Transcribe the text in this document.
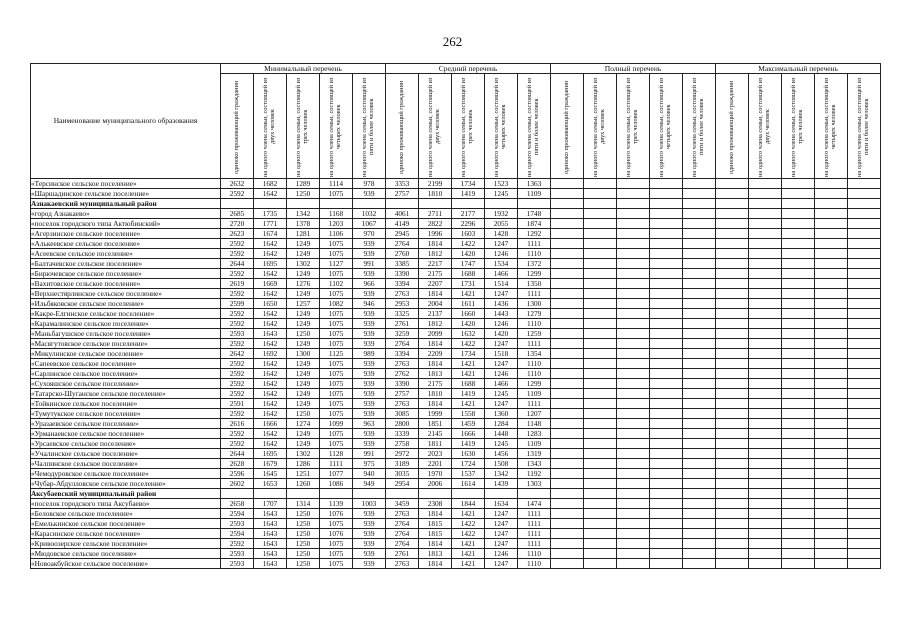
262
Наименование муниципального образования	Минимальный перечень					Средний перечень					Полный перечень					Максимальный перечень				

	одиноко проживающий гражданин	на одного члена семьи, состоящей из двух человек	на одного члена семьи, состоящей из трех человек	на одного члена семьи, состоящей из четырех человек	на одного члена семьи, состоящей из пяти и более человек	одиноко проживающий гражданин	на одного члена семьи, состоящей из двух человек	на одного члена семьи, состоящей из трех человек	на одного члена семьи, состоящей из четырех человек	на одного члена семьи, состоящей из пяти и более человек	одиноко проживающий гражданин	на одного члена семьи, состоящей из двух человек	на одного члена семьи, состоящей из трех человек	на одного члена семьи, состоящей из четырех человек	на одного члена семьи, состоящей из пяти и более человек	одиноко проживающий гражданин	на одного члена семьи, состоящей из двух человек	на одного члена семьи, состоящей из трех человек	на одного члена семьи, состоящей из четырех человек	на одного члена семьи, состоящей из пяти и более человек

«Терсинское сельское поселение»	2632	1682	1289	1114	978	3353	2199	1734	1523	1363										
«Шаршадинское сельское поселение»	2592	1642	1250	1075	939	2757	1810	1419	1245	1109										
Азнакаевский муниципальный район																				
«город Азнакаево»	2685	1735	1342	1168	1032	4061	2711	2177	1932	1748										
«поселок городского типа Актюбинский»	2720	1771	1378	1203	1067	4149	2822	2296	2055	1874										
«Агерзинское сельское поселение»	2623	1674	1281	1106	970	2945	1996	1603	1428	1292										
«Алькеевское сельское поселение»	2592	1642	1249	1075	939	2764	1814	1422	1247	1111										
«Асеевское сельское поселение»	2592	1642	1249	1075	939	2760	1812	1420	1246	1110										
«Балтачевское сельское поселение»	2644	1695	1302	1127	991	3385	2217	1747	1534	1372										
«Бирючевское сельское поселение»	2592	1642	1249	1075	939	3390	2175	1688	1466	1299										
«Вахитовское сельское поселение»	2619	1669	1276	1102	966	3394	2207	1731	1514	1350										
«Верхнестярлинское сельское поселение»	2592	1642	1249	1075	939	2763	1814	1421	1247	1111										
«Ильбяковское сельское поселение»	2599	1650	1257	1082	946	2953	2004	1611	1436	1300										
«Какре-Елгинское сельское поселение»	2592	1642	1249	1075	939	3325	2137	1660	1443	1279										
«Карамалинское сельское поселение»	2592	1642	1249	1075	939	2761	1812	1420	1246	1110										
«Маньбагушское сельское поселение»	2593	1643	1250	1075	939	3259	2099	1632	1420	1259										
«Масягутовское сельское поселение»	2592	1642	1249	1075	939	2764	1814	1422	1247	1111										
«Микулинское сельское поселение»	2642	1692	1300	1125	989	3394	2209	1734	1518	1354										
«Сапеевское сельское поселение»	2592	1642	1249	1075	939	2763	1814	1421	1247	1110										
«Сарлинское сельское поселение»	2592	1642	1249	1075	939	2762	1813	1421	1246	1110										
«Сухояшское сельское поселение»	2592	1642	1249	1075	939	3390	2175	1688	1466	1299										
«Татарско-Шуганское сельское поселение»	2592	1642	1249	1075	939	2757	1810	1419	1245	1109										
«Тойкинское сельское поселение»	2591	1642	1249	1075	939	2763	1814	1421	1247	1111										
«Тумутукское сельское поселение»	2592	1642	1250	1075	939	3085	1999	1558	1360	1207										
«Уразаевское сельское поселение»	2616	1666	1274	1099	963	2800	1851	1459	1284	1148										
«Урманаевское сельское поселение»	2592	1642	1249	1075	939	3339	2145	1666	1448	1283										
«Урсаевское сельское поселение»	2592	1642	1249	1075	939	2758	1811	1419	1245	1109										
«Учалинское сельское поселение»	2644	1695	1302	1128	991	2972	2023	1630	1456	1319										
«Чалпинское сельское поселение»	2628	1679	1286	1111	975	3189	2201	1724	1508	1343										
«Чемодуровское сельское поселение»	2596	1645	1251	1077	940	3035	1970	1537	1342	1192										
«Чубар-Абдулловское сельское поселение»	2602	1653	1260	1086	949	2954	2006	1614	1439	1303										
Аксубаевский муниципальный район																				
«поселок городского типа Аксубаево»	2658	1707	1314	1139	1003	3459	2308	1844	1634	1474										
«Беловское сельское поселение»	2594	1643	1250	1076	939	2763	1814	1421	1247	1111										
«Емелькинское сельское поселение»	2593	1643	1250	1075	939	2764	1815	1422	1247	1111										
«Карасинское сельское поселение»	2594	1643	1250	1076	939	2764	1815	1422	1247	1111										
«Кривоозерское сельское поселение»	2592	1643	1250	1075	939	2764	1814	1421	1247	1111										
«Мюдовское сельское поселение»	2593	1643	1250	1075	939	2761	1813	1421	1246	1110										
«Новоакбуйское сельское поселение»	2593	1643	1250	1075	939	2763	1814	1421	1247	1110										
